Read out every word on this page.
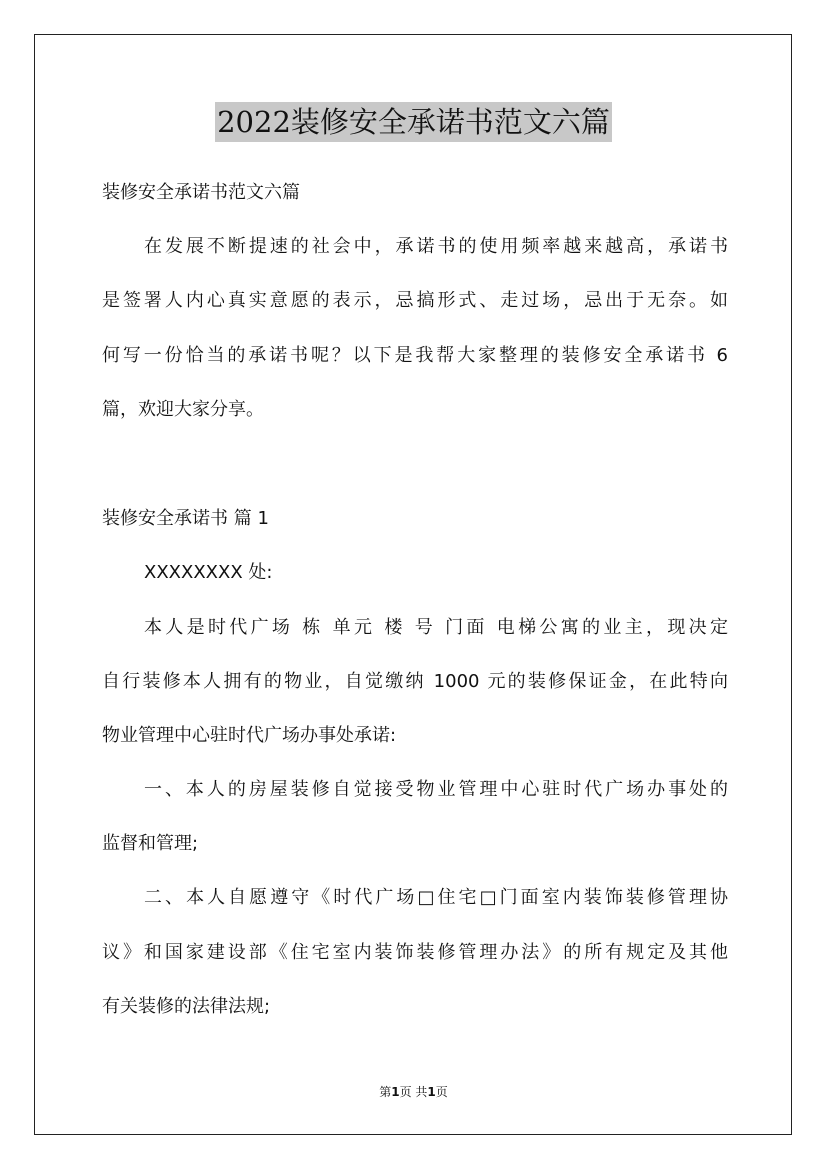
2022装修安全承诺书范文六篇
装修安全承诺书范文六篇
在发展不断提速的社会中，承诺书的使用频率越来越高，承诺书
是签署人内心真实意愿的表示，忌搞形式、走过场，忌出于无奈。如
何写一份恰当的承诺书呢？以下是我帮大家整理的装修安全承诺书 6
篇，欢迎大家分享。
装修安全承诺书 篇 1
XXXXXXXX 处:
本人是时代广场 栋 单元 楼 号 门面 电梯公寓的业主，现决定
自行装修本人拥有的物业，自觉缴纳 1000 元的装修保证金，在此特向
物业管理中心驻时代广场办事处承诺:
一、本人的房屋装修自觉接受物业管理中心驻时代广场办事处的
监督和管理;
二、本人自愿遵守《时代广场□住宅□门面室内装饰装修管理协
议》和国家建设部《住宅室内装饰装修管理办法》的所有规定及其他
有关装修的法律法规;
第1页 共1页
